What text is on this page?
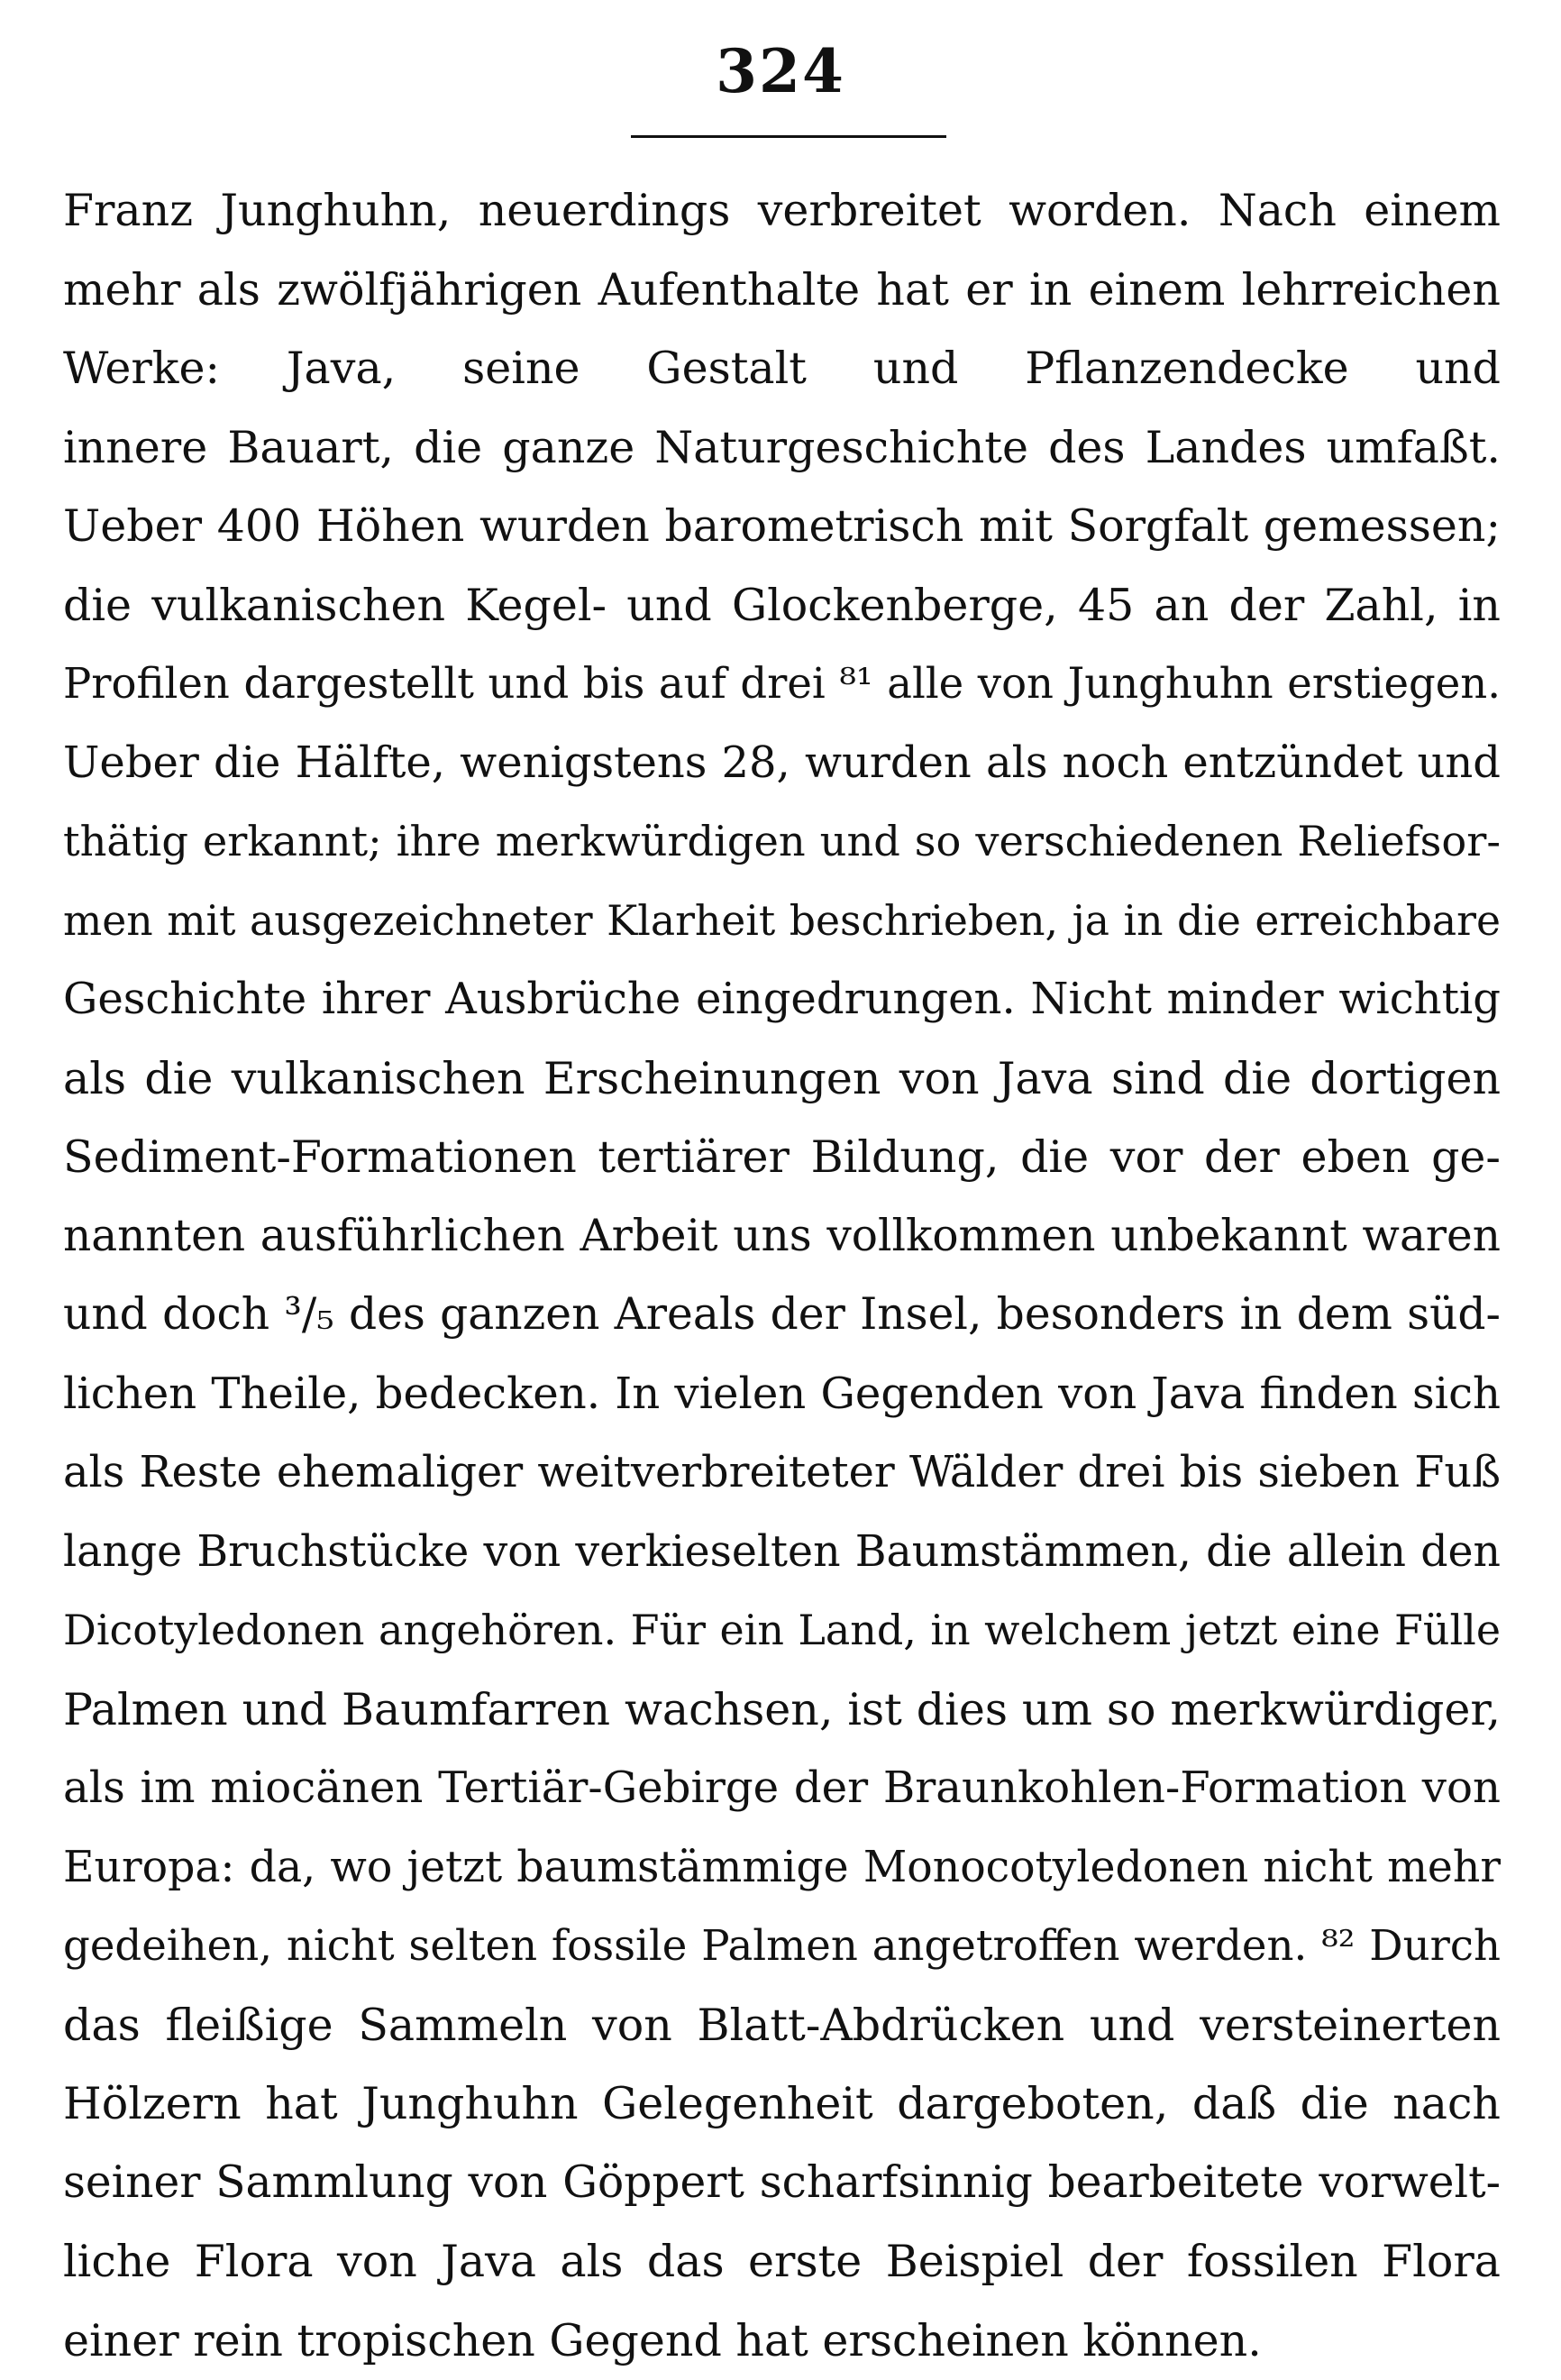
324
Franz Junghuhn, neuerdings verbreitet worden. Nach einem
mehr als zwölfjährigen Aufenthalte hat er in einem lehrreichen
Werke: Java, seine Gestalt und Pflanzendecke und
innere Bauart, die ganze Naturgeschichte des Landes umfaßt.
Ueber 400 Höhen wurden barometrisch mit Sorgfalt gemessen;
die vulkanischen Kegel- und Glockenberge, 45 an der Zahl, in
Profilen dargestellt und bis auf drei ⁸¹ alle von Junghuhn erstiegen.
Ueber die Hälfte, wenigstens 28, wurden als noch entzündet und
thätig erkannt; ihre merkwürdigen und so verschiedenen Reliefsor-
men mit ausgezeichneter Klarheit beschrieben, ja in die erreichbare
Geschichte ihrer Ausbrüche eingedrungen. Nicht minder wichtig
als die vulkanischen Erscheinungen von Java sind die dortigen
Sediment-Formationen tertiärer Bildung, die vor der eben ge-
nannten ausführlichen Arbeit uns vollkommen unbekannt waren
und doch ³/₅ des ganzen Areals der Insel, besonders in dem süd-
lichen Theile, bedecken. In vielen Gegenden von Java finden sich
als Reste ehemaliger weitverbreiteter Wälder drei bis sieben Fuß
lange Bruchstücke von verkieselten Baumstämmen, die allein den
Dicotyledonen angehören. Für ein Land, in welchem jetzt eine Fülle
Palmen und Baumfarren wachsen, ist dies um so merkwürdiger,
als im miocänen Tertiär-Gebirge der Braunkohlen-Formation von
Europa: da, wo jetzt baumstämmige Monocotyledonen nicht mehr
gedeihen, nicht selten fossile Palmen angetroffen werden. ⁸² Durch
das fleißige Sammeln von Blatt-Abdrücken und versteinerten
Hölzern hat Junghuhn Gelegenheit dargeboten, daß die nach
seiner Sammlung von Göppert scharfsinnig bearbeitete vorwelt-
liche Flora von Java als das erste Beispiel der fossilen Flora
einer rein tropischen Gegend hat erscheinen können.
